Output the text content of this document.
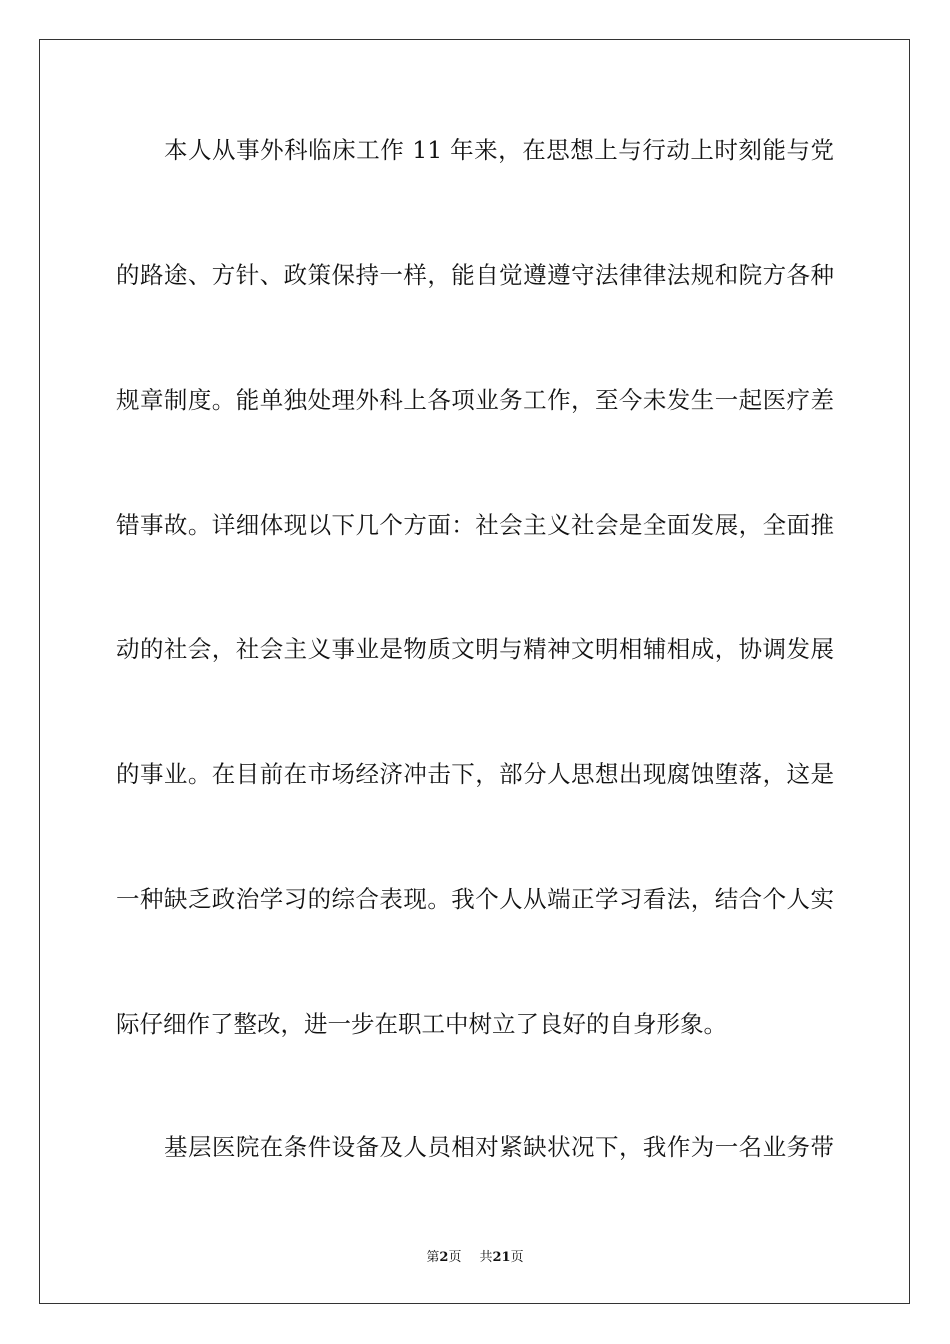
本人从事外科临床工作 11 年来，在思想上与行动上时刻能与党
的路途、方针、政策保持一样，能自觉遵遵守法律律法规和院方各种
规章制度。能单独处理外科上各项业务工作，至今未发生一起医疗差
错事故。详细体现以下几个方面：社会主义社会是全面发展，全面推
动的社会，社会主义事业是物质文明与精神文明相辅相成，协调发展
的事业。在目前在市场经济冲击下，部分人思想出现腐蚀堕落，这是
一种缺乏政治学习的综合表现。我个人从端正学习看法，结合个人实
际仔细作了整改，进一步在职工中树立了良好的自身形象。
基层医院在条件设备及人员相对紧缺状况下，我作为一名业务带
第2页 共21页
